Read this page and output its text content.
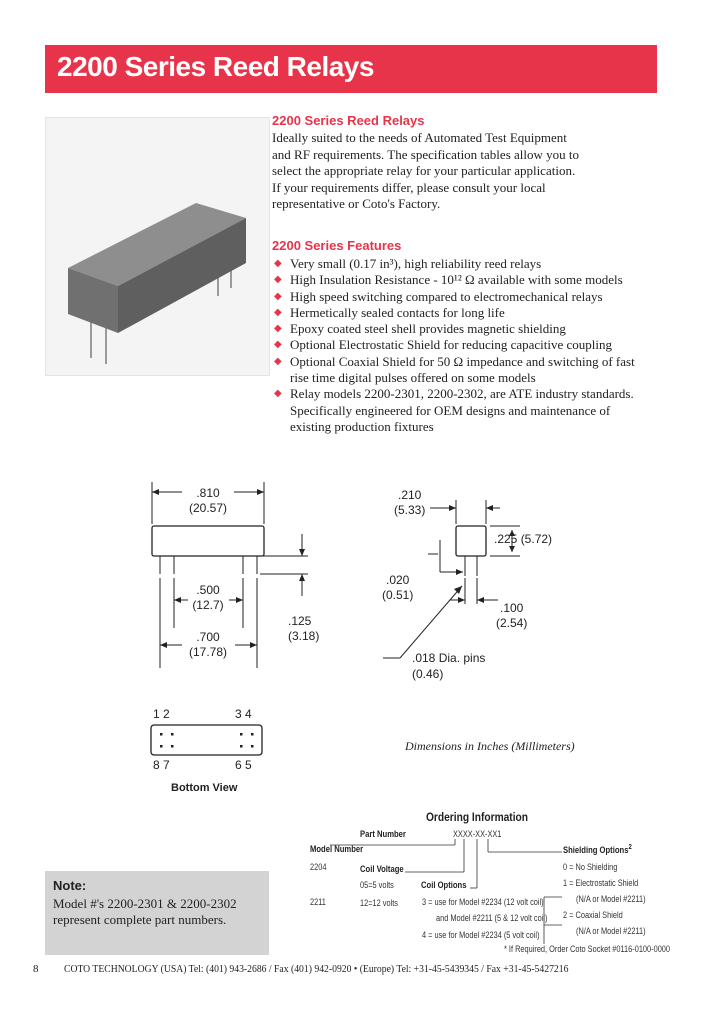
2200 Series Reed Relays
2200 Series Reed Relays
Ideally suited to the needs of Automated Test Equipment
and RF requirements. The specification tables allow you to
select the appropriate relay for your particular application.
If your requirements differ, please consult your local
representative or Coto's Factory.
2200 Series Features
◆ Very small (0.17 in³), high reliability reed relays
◆ High Insulation Resistance - 10¹² Ω available with some models
◆ High speed switching compared to electromechanical relays
◆ Hermetically sealed contacts for long life
◆ Epoxy coated steel shell provides magnetic shielding
◆ Optional Electrostatic Shield for reducing capacitive coupling
◆ Optional Coaxial Shield for 50 Ω impedance and switching of fast
rise time digital pulses offered on some models
◆ Relay models 2200-2301, 2200-2302, are ATE industry standards.
Specifically engineered for OEM designs and maintenance of
existing production fixtures
.810
(20.57)
.500
(12.7)
.700
(17.78)
.125
(3.18)
.210
(5.33)
.225 (5.72)
.020
(0.51)
.100
(2.54)
.018 Dia. pins
(0.46)
1 2	3 4
8 7	6 5
Bottom View
Dimensions in Inches (Millimeters)
Ordering Information
Part Number	XXXX-XX-XX1
Model Number
2204
2211
Coil Voltage
05=5 volts
12=12 volts
Coil Options
3 = use for Model #2234 (12 volt coil)
and Model #2211 (5 & 12 volt coil)
4 = use for Model #2234 (5 volt coil)
Shielding Options$^2$
0 = No Shielding
1 = Electrostatic Shield
(N/A or Model #2211)
2 = Coaxial Shield
(N/A or Model #2211)
* If Required, Order Coto Socket #0116-0100-0000
Note:
Model #'s 2200-2301 & 2200-2302
represent complete part numbers.
8 COTO TECHNOLOGY (USA) Tel: (401) 943-2686 / Fax (401) 942-0920 • (Europe) Tel: +31-45-5439345 / Fax +31-45-5427216
